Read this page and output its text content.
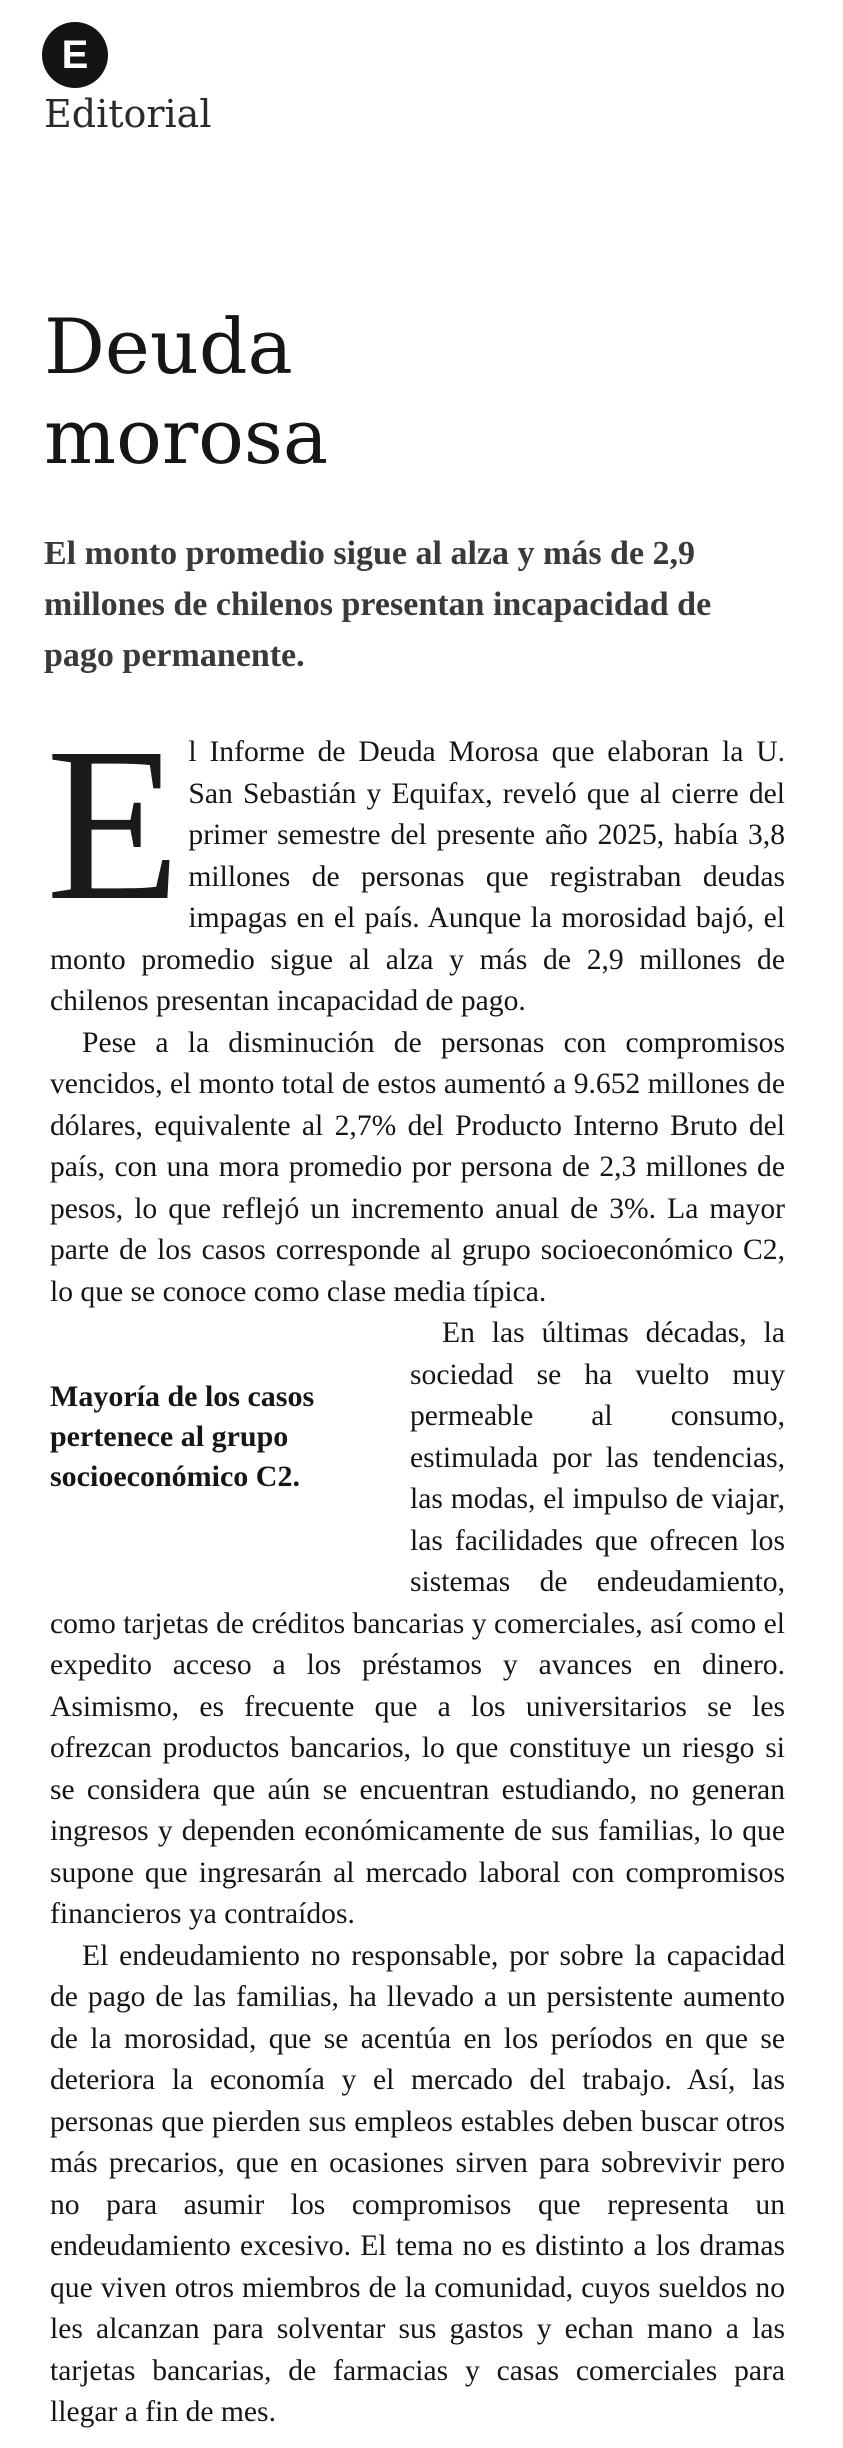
E
Editorial
Deuda
morosa

El monto promedio sigue al alza y más de 2,9 millones de chilenos presentan incapacidad de pago permanente.

El Informe de Deuda Morosa que elaboran la U. San Sebastián y Equifax, reveló que al cierre del primer semestre del presente año 2025, había 3,8 millones de personas que registraban deudas impagas en el país. Aunque la morosidad bajó, el monto promedio sigue al alza y más de 2,9 millones de chilenos presentan incapacidad de pago.

Pese a la disminución de personas con compromisos vencidos, el monto total de estos aumentó a 9.652 millones de dólares, equivalente al 2,7% del Producto Interno Bruto del país, con una mora promedio por persona de 2,3 millones de pesos, lo que reflejó un incremento anual de 3%. La mayor parte de los casos corresponde al grupo socioeconómico C2, lo que se conoce como clase media típica.

Mayoría de los casos pertenece al grupo socioeconómico C2.

En las últimas décadas, la sociedad se ha vuelto muy permeable al consumo, estimulada por las tendencias, las modas, el impulso de viajar, las facilidades que ofrecen los sistemas de endeudamiento, como tarjetas de créditos bancarias y comerciales, así como el expedito acceso a los préstamos y avances en dinero. Asimismo, es frecuente que a los universitarios se les ofrezcan productos bancarios, lo que constituye un riesgo si se considera que aún se encuentran estudiando, no generan ingresos y dependen económicamente de sus familias, lo que supone que ingresarán al mercado laboral con compromisos financieros ya contraídos.

El endeudamiento no responsable, por sobre la capacidad de pago de las familias, ha llevado a un persistente aumento de la morosidad, que se acentúa en los períodos en que se deteriora la economía y el mercado del trabajo. Así, las personas que pierden sus empleos estables deben buscar otros más precarios, que en ocasiones sirven para sobrevivir pero no para asumir los compromisos que representa un endeudamiento excesivo. El tema no es distinto a los dramas que viven otros miembros de la comunidad, cuyos sueldos no les alcanzan para solventar sus gastos y echan mano a las tarjetas bancarias, de farmacias y casas comerciales para llegar a fin de mes.
